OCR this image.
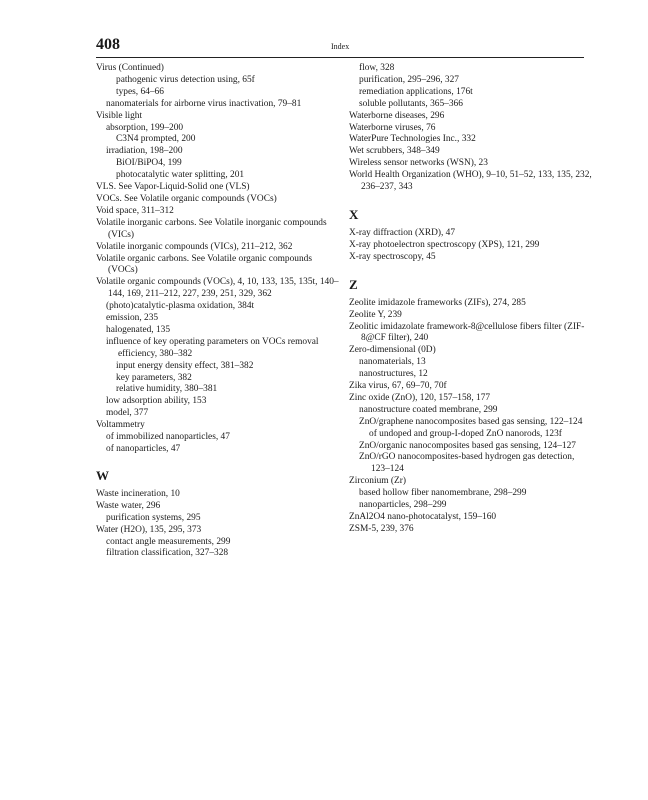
408	Index
Virus (Continued)
pathogenic virus detection using, 65f
types, 64–66
nanomaterials for airborne virus inactivation, 79–81
Visible light
absorption, 199–200
C3N4 prompted, 200
irradiation, 198–200
BiOI/BiPO4, 199
photocatalytic water splitting, 201
VLS. See Vapor-Liquid-Solid one (VLS)
VOCs. See Volatile organic compounds (VOCs)
Void space, 311–312
Volatile inorganic carbons. See Volatile inorganic compounds (VICs)
Volatile inorganic compounds (VICs), 211–212, 362
Volatile organic carbons. See Volatile organic compounds (VOCs)
Volatile organic compounds (VOCs), 4, 10, 133, 135, 135t, 140–144, 169, 211–212, 227, 239, 251, 329, 362
(photo)catalytic-plasma oxidation, 384t
emission, 235
halogenated, 135
influence of key operating parameters on VOCs removal efficiency, 380–382
input energy density effect, 381–382
key parameters, 382
relative humidity, 380–381
low adsorption ability, 153
model, 377
Voltammetry
of immobilized nanoparticles, 47
of nanoparticles, 47
W
Waste incineration, 10
Waste water, 296
purification systems, 295
Water (H2O), 135, 295, 373
contact angle measurements, 299
filtration classification, 327–328
flow, 328
purification, 295–296, 327
remediation applications, 176t
soluble pollutants, 365–366
Waterborne diseases, 296
Waterborne viruses, 76
WaterPure Technologies Inc., 332
Wet scrubbers, 348–349
Wireless sensor networks (WSN), 23
World Health Organization (WHO), 9–10, 51–52, 133, 135, 232, 236–237, 343
X
X-ray diffraction (XRD), 47
X-ray photoelectron spectroscopy (XPS), 121, 299
X-ray spectroscopy, 45
Z
Zeolite imidazole frameworks (ZIFs), 274, 285
Zeolite Y, 239
Zeolitic imidazolate framework-8@cellulose fibers filter (ZIF-8@CF filter), 240
Zero-dimensional (0D)
nanomaterials, 13
nanostructures, 12
Zika virus, 67, 69–70, 70f
Zinc oxide (ZnO), 120, 157–158, 177
nanostructure coated membrane, 299
ZnO/graphene nanocomposites based gas sensing, 122–124
of undoped and group-I-doped ZnO nanorods, 123f
ZnO/organic nanocomposites based gas sensing, 124–127
ZnO/rGO nanocomposites-based hydrogen gas detection, 123–124
Zirconium (Zr)
based hollow fiber nanomembrane, 298–299
nanoparticles, 298–299
ZnAl2O4 nano-photocatalyst, 159–160
ZSM-5, 239, 376
